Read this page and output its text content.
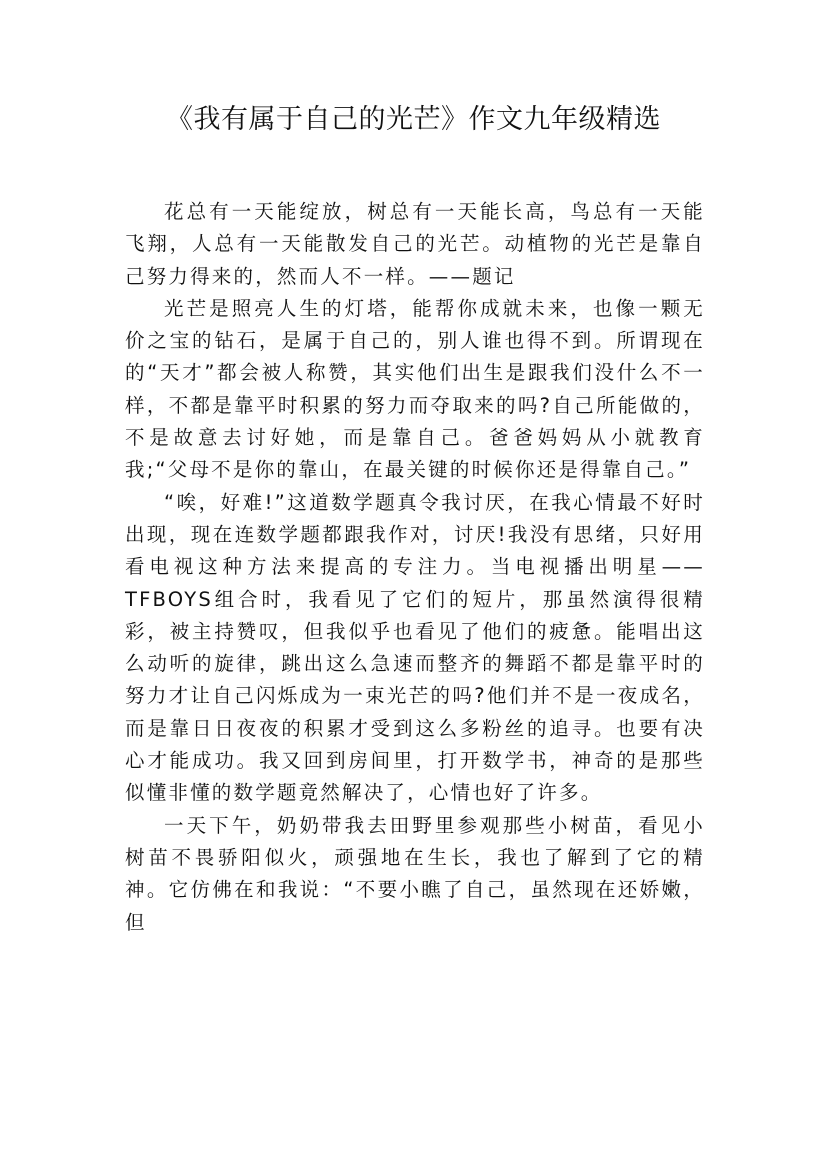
《我有属于自己的光芒》作文九年级精选

花总有一天能绽放，树总有一天能长高，鸟总有一天能飞翔，人总有一天能散发自己的光芒。动植物的光芒是靠自己努力得来的，然而人不一样。——题记

光芒是照亮人生的灯塔，能帮你成就未来，也像一颗无价之宝的钻石，是属于自己的，别人谁也得不到。所谓现在的“天才”都会被人称赞，其实他们出生是跟我们没什么不一样，不都是靠平时积累的努力而夺取来的吗?自己所能做的，不是故意去讨好她，而是靠自己。爸爸妈妈从小就教育我;“父母不是你的靠山，在最关键的时候你还是得靠自己。”

“唉，好难!”这道数学题真令我讨厌，在我心情最不好时出现，现在连数学题都跟我作对，讨厌!我没有思绪，只好用看电视这种方法来提高的专注力。当电视播出明星——TFBOYS组合时，我看见了它们的短片，那虽然演得很精彩，被主持赞叹，但我似乎也看见了他们的疲惫。能唱出这么动听的旋律，跳出这么急速而整齐的舞蹈不都是靠平时的努力才让自己闪烁成为一束光芒的吗?他们并不是一夜成名，而是靠日日夜夜的积累才受到这么多粉丝的追寻。也要有决心才能成功。我又回到房间里，打开数学书，神奇的是那些似懂非懂的数学题竟然解决了，心情也好了许多。

一天下午，奶奶带我去田野里参观那些小树苗，看见小树苗不畏骄阳似火，顽强地在生长，我也了解到了它的精神。它仿佛在和我说：“不要小瞧了自己，虽然现在还娇嫩，但
